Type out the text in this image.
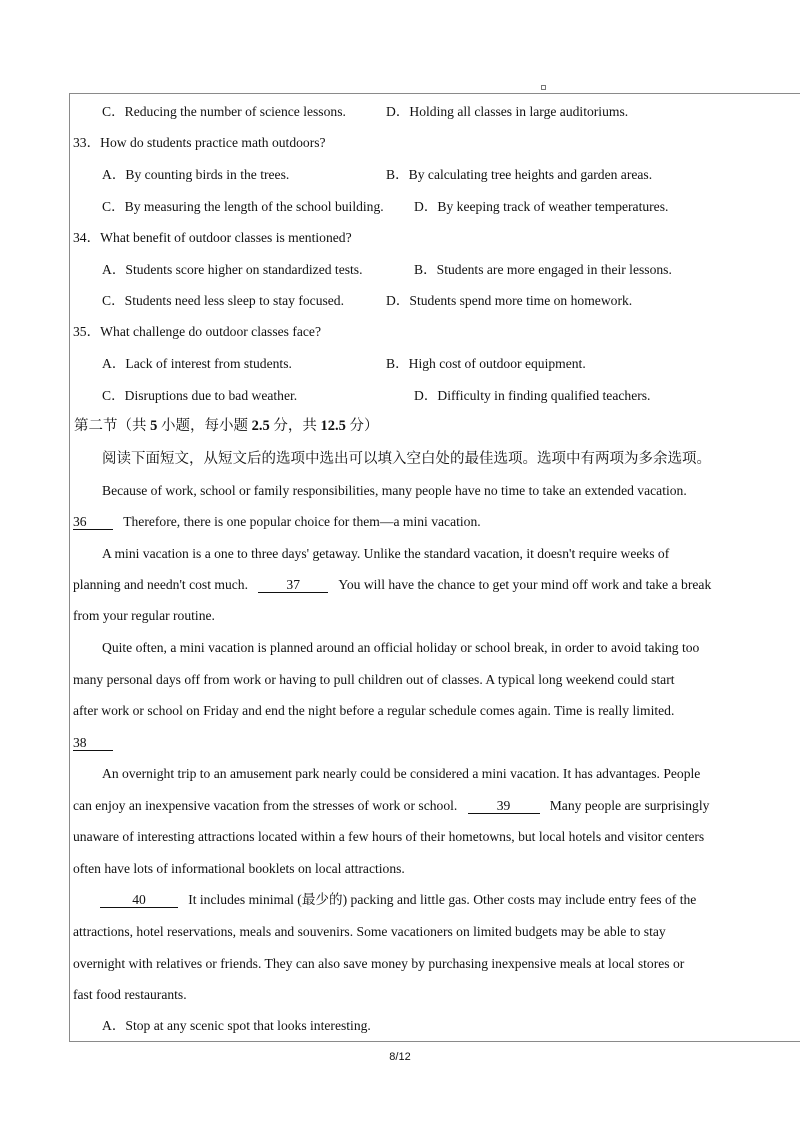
C．Reducing the number of science lessons.	D．Holding all classes in large auditoriums.
33．How do students practice math outdoors?
A．By counting birds in the trees.	B．By calculating tree heights and garden areas.
C．By measuring the length of the school building. D．By keeping track of weather temperatures.
34．What benefit of outdoor classes is mentioned?
A．Students score higher on standardized tests.	B．Students are more engaged in their lessons.
C．Students need less sleep to stay focused.	D．Students spend more time on homework.
35．What challenge do outdoor classes face?
A．Lack of interest from students.	B．High cost of outdoor equipment.
C．Disruptions due to bad weather.	D．Difficulty in finding qualified teachers.
第二节（共 5 小题，每小题 2.5 分，共 12.5 分）
阅读下面短文，从短文后的选项中选出可以填入空白处的最佳选项。选项中有两项为多余选项。
Because of work, school or family responsibilities, many people have no time to take an extended vacation.
36	Therefore, there is one popular choice for them—a mini vacation.
A mini vacation is a one to three days' getaway. Unlike the standard vacation, it doesn't require weeks of
planning and needn't cost much.	37	You will have the chance to get your mind off work and take a break
from your regular routine.
Quite often, a mini vacation is planned around an official holiday or school break, in order to avoid taking too
many personal days off from work or having to pull children out of classes. A typical long weekend could start
after work or school on Friday and end the night before a regular schedule comes again. Time is really limited.
38
An overnight trip to an amusement park nearly could be considered a mini vacation. It has advantages. People
can enjoy an inexpensive vacation from the stresses of work or school.	39	Many people are surprisingly
unaware of interesting attractions located within a few hours of their hometowns, but local hotels and visitor centers
often have lots of informational booklets on local attractions.
40	It includes minimal (最少的) packing and little gas. Other costs may include entry fees of the
attractions, hotel reservations, meals and souvenirs. Some vacationers on limited budgets may be able to stay
overnight with relatives or friends. They can also save money by purchasing inexpensive meals at local stores or
fast food restaurants.
A．Stop at any scenic spot that looks interesting.
8/12
